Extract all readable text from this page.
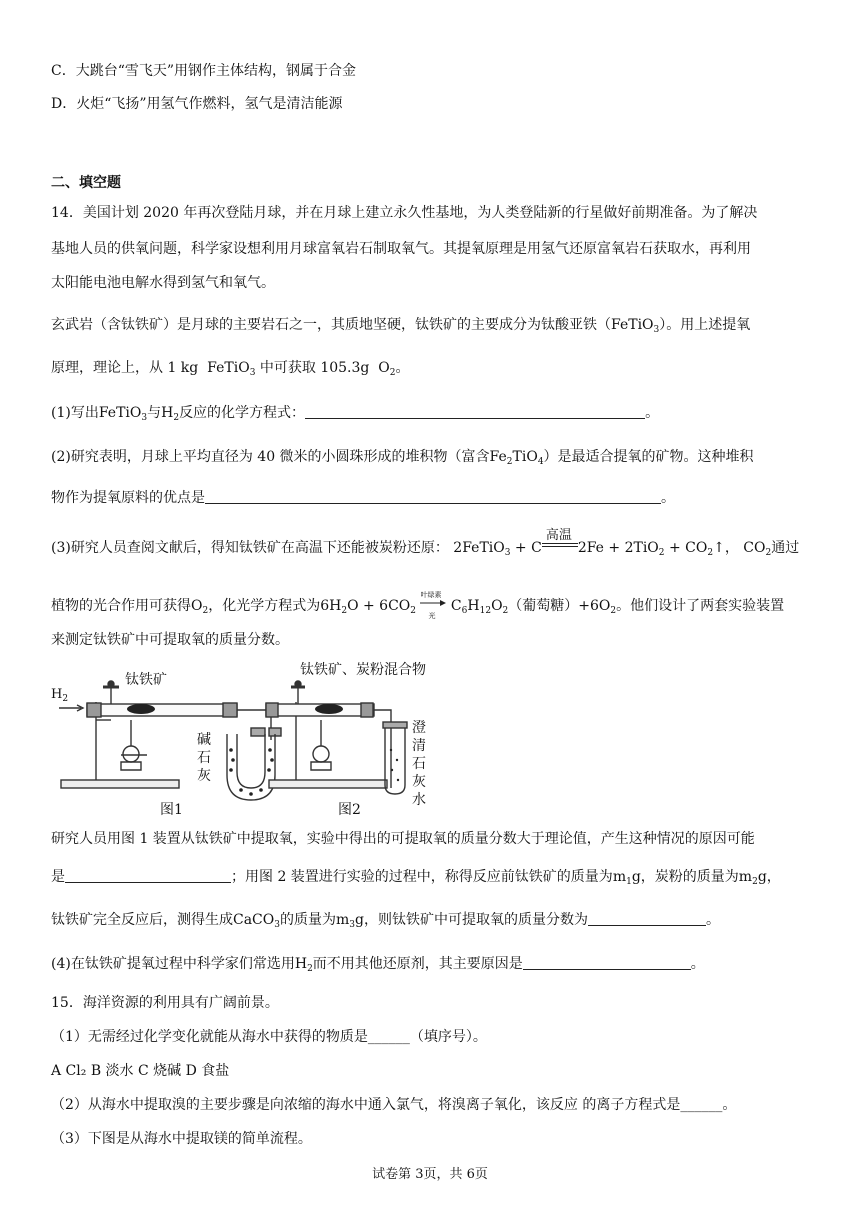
C．大跳台“雪飞天”用钢作主体结构，钢属于合金
D．火炬“飞扬”用氢气作燃料，氢气是清洁能源
二、填空题
14．美国计划 2020 年再次登陆月球，并在月球上建立永久性基地，为人类登陆新的行星做好前期准备。为了解决
基地人员的供氧问题，科学家设想利用月球富氧岩石制取氧气。其提氧原理是用氢气还原富氧岩石获取水，再利用
太阳能电池电解水得到氢气和氧气。
玄武岩（含钛铁矿）是月球的主要岩石之一，其质地坚硬，钛铁矿的主要成分为钛酸亚铁（FeTiO$_3$）。用上述提氧
原理，理论上，从 1 kg FeTiO$_3$ 中可获取 105.3g $O_2$。
(1)写出FeTiO$_3$与$H_2$反应的化学方程式：	。
(2)研究表明，月球上平均直径为 40 微米的小圆珠形成的堆积物（富含$Fe_2TiO_4$）是最适合提氧的矿物。这种堆积
物作为提氧原料的优点是	。
(3)研究人员查阅文献后，得知钛铁矿在高温下还能被炭粉还原： 2FeTiO$_3$ + C
高温
$2Fe + 2TiO_2 + CO_2↑$， $CO_2$通过
植物的光合作用可获得$O_2$，化光学方程式为$6H_2O + 6CO_2$
叶绿素
光
$C_6H_{12}O_2$（葡萄糖）$+6O_2$。他们设计了两套实验装置
来测定钛铁矿中可提取氧的质量分数。
$H_2$
钛铁矿
碱
石
灰
图1
钛铁矿、炭粉混合物
澄
清
石
灰
水
图2
研究人员用图 1 装置从钛铁矿中提取氧，实验中得出的可提取氧的质量分数大于理论值，产生这种情况的原因可能
是	；用图 2 装置进行实验的过程中，称得反应前钛铁矿的质量为$m_1g$，炭粉的质量为$m_2g$，
钛铁矿完全反应后，测得生成CaCO$_3$的质量为$m_3g$，则钛铁矿中可提取氧的质量分数为	。
(4)在钛铁矿提氧过程中科学家们常选用$H_2$而不用其他还原剂，其主要原因是	。
15．海洋资源的利用具有广阔前景。
（1）无需经过化学变化就能从海水中获得的物质是______（填序号）。
A Cl₂ B 淡水 C 烧碱 D 食盐
（2）从海水中提取溴的主要步骤是向浓缩的海水中通入氯气，将溴离子氧化，该反应 的离子方程式是______。
（3）下图是从海水中提取镁的简单流程。
试卷第 3页，共 6页
